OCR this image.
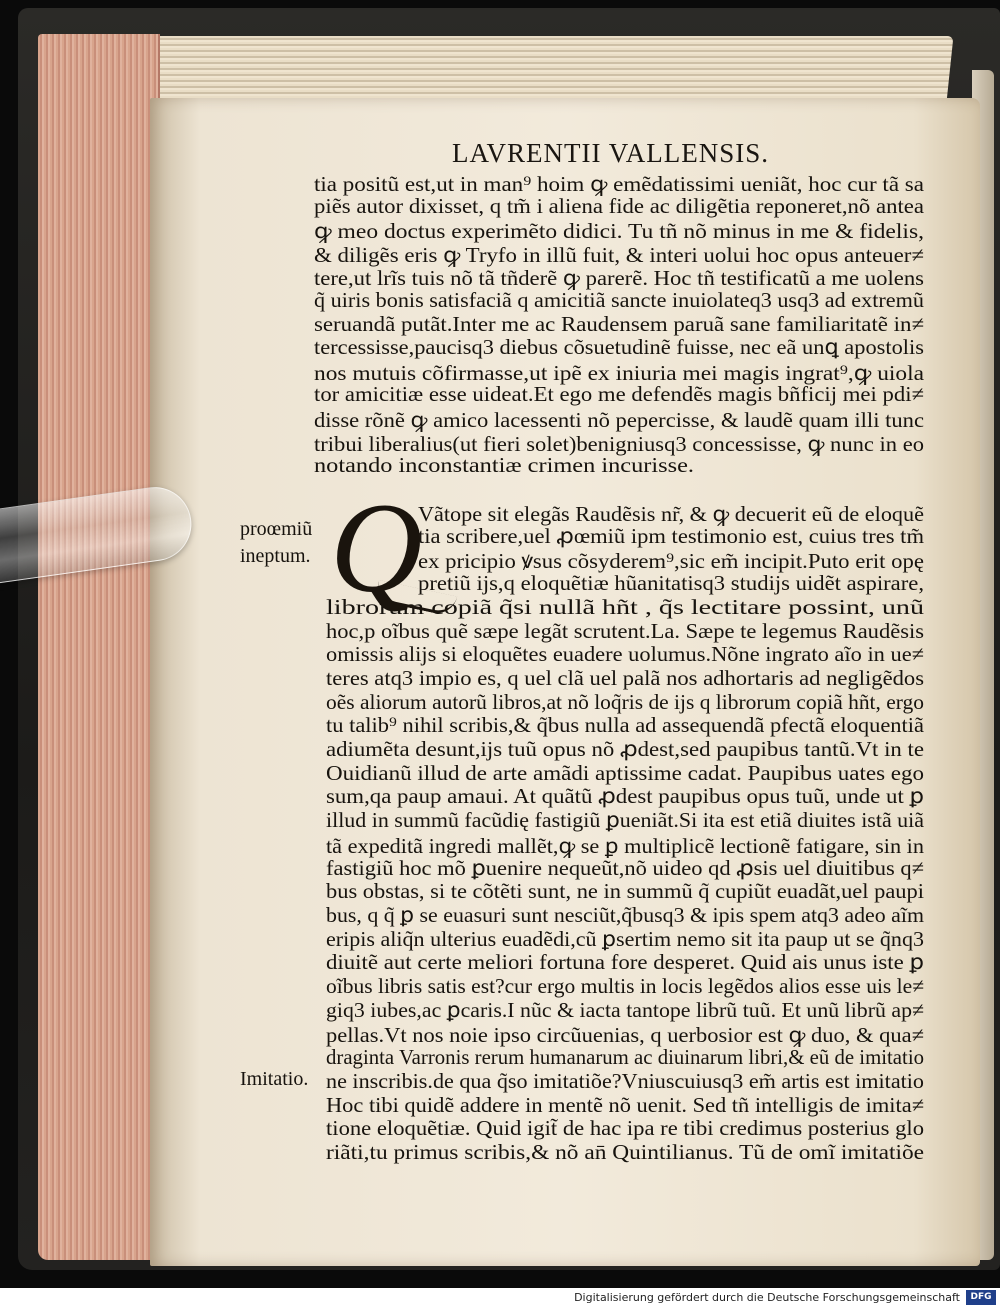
LAVRENTII VALLENSIS.
tia positũ est,ut in man⁹ hoim ꝙ emẽdatissimi ueniãt, hoc cur tã sa
piẽs autor dixisset, q tm̃ i aliena fide ac diligẽtia reponeret,nõ antea
ꝙ meo doctus experimẽto didici. Tu tñ nõ minus in me & fidelis,
& diligẽs eris ꝙ Tryfo in illũ fuit, & interi uolui hoc opus anteuer≠
tere,ut lrĩs tuis nõ tã tñderẽ ꝙ parerẽ. Hoc tñ testificatũ a me uolens
q̃ uiris bonis satisfaciã q amicitiã sancte inuiolateq3 usq3 ad extremũ
seruandã putãt.Inter me ac Raudensem paruã sane familiaritatẽ in≠
tercessisse,paucisq3 diebus cõsuetudinẽ fuisse, nec eã unꝗ apostolis
nos mutuis cõfirmasse,ut ipẽ ex iniuria mei magis ingrat⁹,ꝙ uiola
tor amicitiæ esse uideat.Et ego me defendẽs magis bñficij mei pdi≠
disse rõnẽ ꝙ amico lacessenti nõ pepercisse, & laudẽ quam illi tunc
tribui liberalius(ut fieri solet)benigniusq3 concessisse, ꝙ nunc in eo
notando inconstantiæ crimen incurisse.
Vãtope sit elegãs Raudẽsis nr̃, & ꝙ decuerit eũ de eloquẽ
tia scribere,uel ꝓœmiũ ipm testimonio est, cuius tres tm̃
ex pricipio ꝟsus cõsyderem⁹,sic em̃ incipit.Puto erit opę
pretiũ ijs,q eloquẽtiæ hũanitatisq3 studijs uidẽt aspirare,
librorum copiã q̃si nullã hñt , q̃s lectitare possint, unũ
hoc,p oĩbus quẽ sæpe legãt scrutent.La. Sæpe te legemus Raudẽsis
omissis alijs si eloquẽtes euadere uolumus.Nõne ingrato aĩo in ue≠
teres atq3 impio es, q uel clã uel palã nos adhortaris ad negligẽdos
oẽs aliorum autorũ libros,at nõ loq̃ris de ijs q librorum copiã hñt, ergo
tu talib⁹ nihil scribis,& q̃bus nulla ad assequendã pfectã eloquentiã
adiumẽta desunt,ijs tuũ opus nõ ꝓdest,sed paupibus tantũ.Vt in te
Ouidianũ illud de arte amãdi aptissime cadat. Paupibus uates ego
sum,qa paup amaui. At quãtũ ꝓdest paupibus opus tuũ, unde ut ꝑ
illud in summũ facũdię fastigiũ ꝑueniãt.Si ita est etiã diuites istã uiã
tã expeditã ingredi mallẽt,ꝙ se ꝑ multiplicẽ lectionẽ fatigare, sin in
fastigiũ hoc mõ ꝑuenire nequeũt,nõ uideo qd ꝓsis uel diuitibus q≠
bus obstas, si te cõtẽti sunt, ne in summũ q̃ cupiũt euadãt,uel paupi
bus, q q̃ ꝑ se euasuri sunt nesciũt,q̃busq3 & ipis spem atq3 adeo aĩm
eripis aliq̃n ulterius euadẽdi,cũ ꝑsertim nemo sit ita paup ut se q̃nq3
diuitẽ aut certe meliori fortuna fore desperet. Quid ais unus iste ꝑ
oĩbus libris satis est?cur ergo multis in locis legẽdos alios esse uis le≠
giq3 iubes,ac ꝑcaris.I nũc & iacta tantope librũ tuũ. Et unũ librũ ap≠
pellas.Vt nos noie ipso circũuenias, q uerbosior est ꝙ duo, & qua≠
draginta Varronis rerum humanarum ac diuinarum libri,& eũ de imitatio
ne inscribis.de qua q̃so imitatiõe?Vniuscuiusq3 em̃ artis est imitatio
Hoc tibi quidẽ addere in mentẽ nõ uenit. Sed tñ intelligis de imita≠
tione eloquẽtiæ. Quid igit̃ de hac ipa re tibi credimus posterius glo
riãti,tu primus scribis,& nõ an̄ Quintilianus. Tũ de omĩ imitatiõe
Q
proœmiũ ineptum.
Imitatio.
Digitalisierung gefördert durch die Deutsche Forschungsgemeinschaft	DFG
